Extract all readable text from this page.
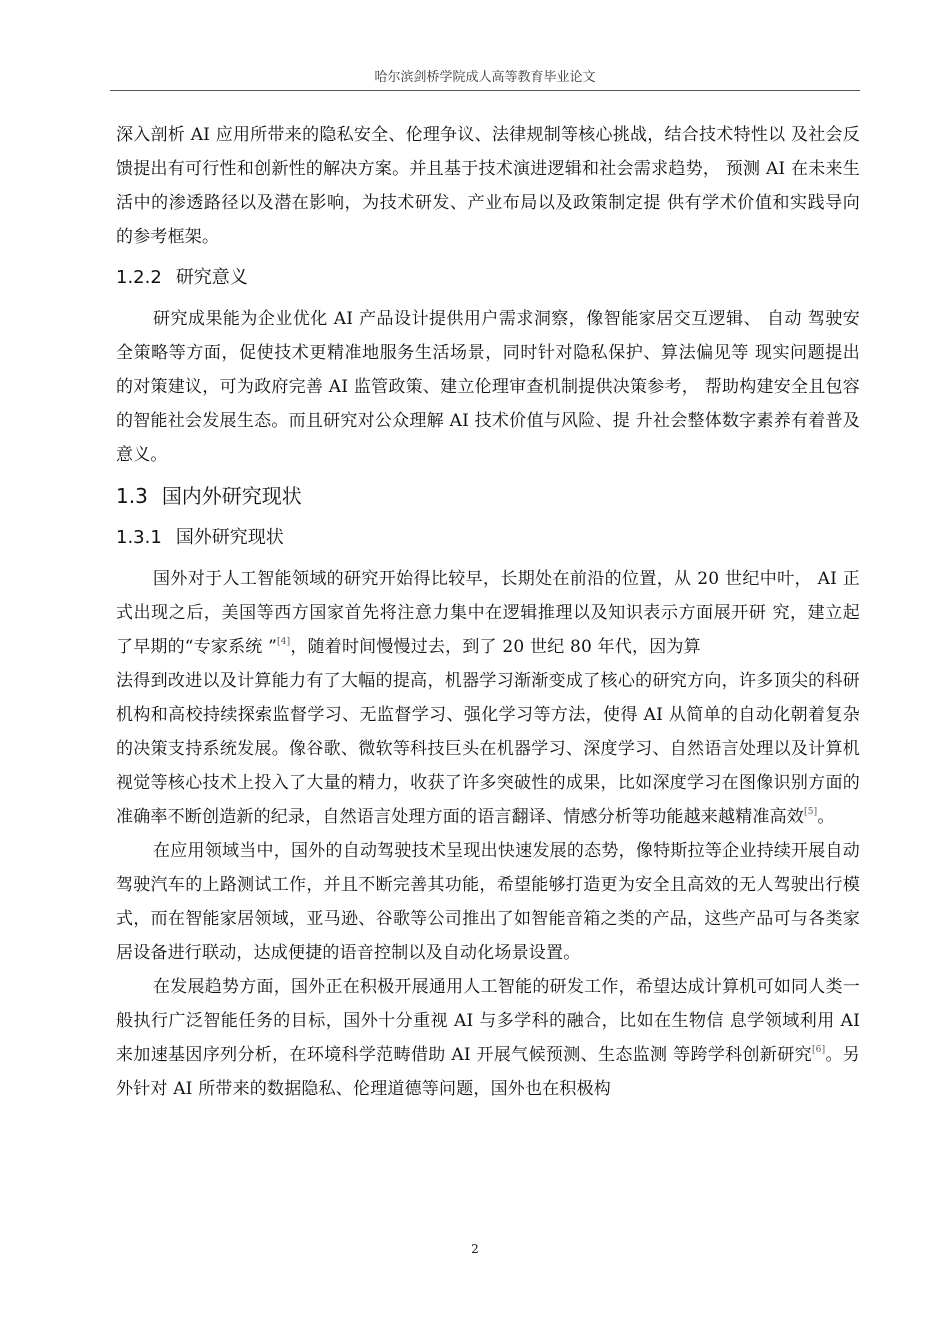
哈尔滨剑桥学院成人高等教育毕业论文

深入剖析 AI 应用所带来的隐私安全、伦理争议、法律规制等核心挑战，结合技术特性以 及社会反馈提出有可行性和创新性的解决方案。并且基于技术演进逻辑和社会需求趋势， 预测 AI 在未来生活中的渗透路径以及潜在影响，为技术研发、产业布局以及政策制定提 供有学术价值和实践导向的参考框架。

1.2.2 研究意义

研究成果能为企业优化 AI 产品设计提供用户需求洞察，像智能家居交互逻辑、 自动 驾驶安全策略等方面，促使技术更精准地服务生活场景，同时针对隐私保护、算法偏见等 现实问题提出的对策建议，可为政府完善 AI 监管政策、建立伦理审查机制提供决策参考， 帮助构建安全且包容的智能社会发展生态。而且研究对公众理解 AI 技术价值与风险、提 升社会整体数字素养有着普及意义。

1.3 国内外研究现状
1.3.1 国外研究现状

国外对于人工智能领域的研究开始得比较早，长期处在前沿的位置，从 20 世纪中叶， AI 正式出现之后，美国等西方国家首先将注意力集中在逻辑推理以及知识表示方面展开研 究，建立起了早期的“专家系统 ”[4]，随着时间慢慢过去，到了 20 世纪 80 年代，因为算

法得到改进以及计算能力有了大幅的提高，机器学习渐渐变成了核心的研究方向，许多顶尖的科研机构和高校持续探索监督学习、无监督学习、强化学习等方法，使得 AI 从简单的自动化朝着复杂的决策支持系统发展。像谷歌、微软等科技巨头在机器学习、深度学习、自然语言处理以及计算机视觉等核心技术上投入了大量的精力，收获了许多突破性的成果，比如深度学习在图像识别方面的准确率不断创造新的纪录，自然语言处理方面的语言翻译、情感分析等功能越来越精准高效[5]。

在应用领域当中，国外的自动驾驶技术呈现出快速发展的态势，像特斯拉等企业持续开展自动驾驶汽车的上路测试工作，并且不断完善其功能，希望能够打造更为安全且高效的无人驾驶出行模式，而在智能家居领域，亚马逊、谷歌等公司推出了如智能音箱之类的产品，这些产品可与各类家居设备进行联动，达成便捷的语音控制以及自动化场景设置。

在发展趋势方面，国外正在积极开展通用人工智能的研发工作，希望达成计算机可如同人类一般执行广泛智能任务的目标，国外十分重视 AI 与多学科的融合，比如在生物信 息学领域利用 AI 来加速基因序列分析，在环境科学范畴借助 AI 开展气候预测、生态监测 等跨学科创新研究[6]。另外针对 AI 所带来的数据隐私、伦理道德等问题，国外也在积极构

2
